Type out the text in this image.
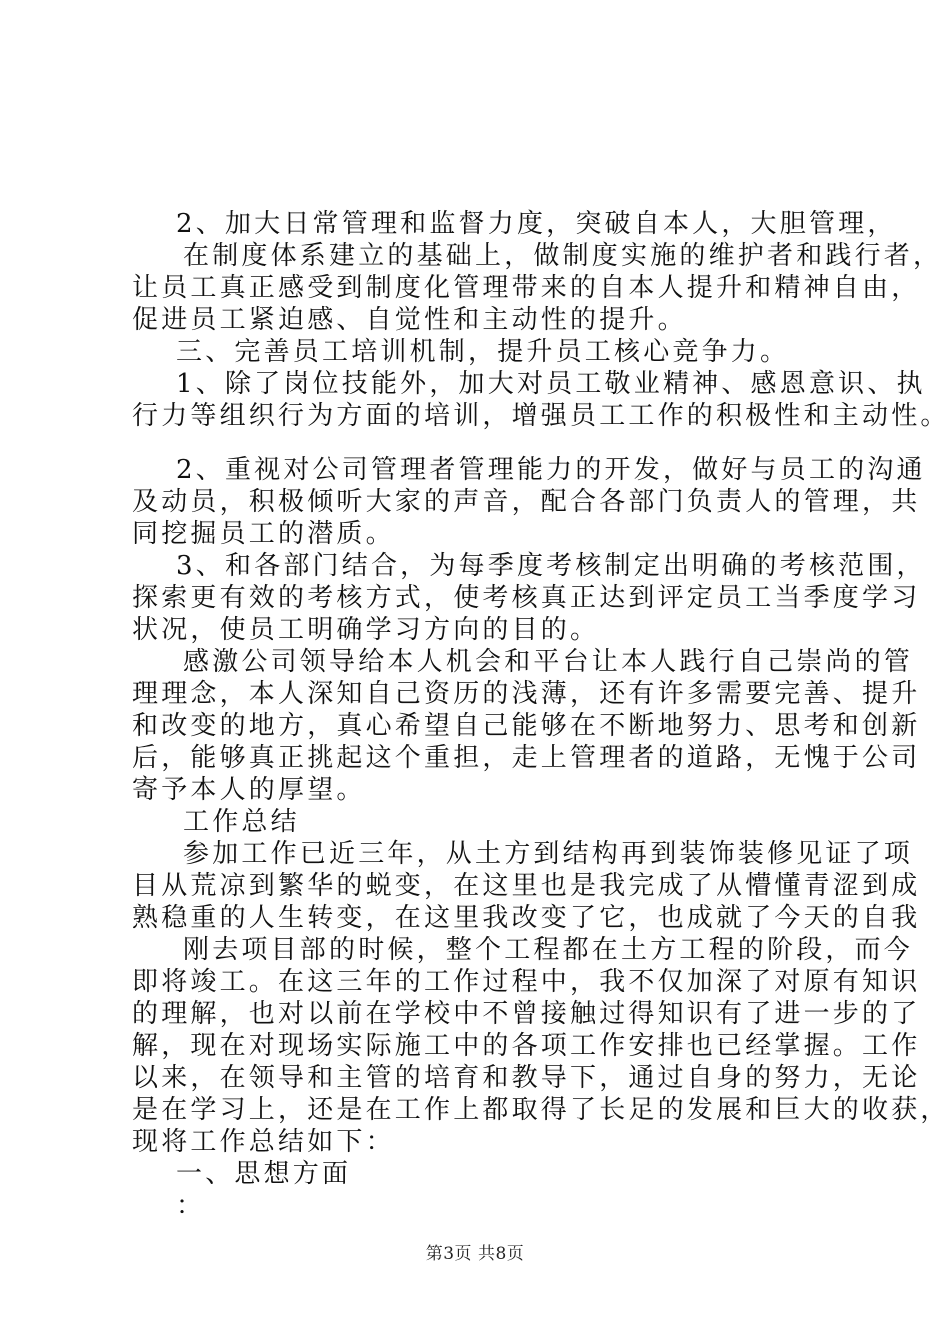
2、加大日常管理和监督力度，突破自本人，大胆管理，
在制度体系建立的基础上，做制度实施的维护者和践行者，
让员工真正感受到制度化管理带来的自本人提升和精神自由，
促进员工紧迫感、自觉性和主动性的提升。
三、完善员工培训机制，提升员工核心竞争力。
1、除了岗位技能外，加大对员工敬业精神、感恩意识、执
行力等组织行为方面的培训，增强员工工作的积极性和主动性。
2、重视对公司管理者管理能力的开发，做好与员工的沟通
及动员，积极倾听大家的声音，配合各部门负责人的管理，共
同挖掘员工的潜质。
3、和各部门结合，为每季度考核制定出明确的考核范围，
探索更有效的考核方式，使考核真正达到评定员工当季度学习
状况，使员工明确学习方向的目的。
感激公司领导给本人机会和平台让本人践行自己崇尚的管
理理念，本人深知自己资历的浅薄，还有许多需要完善、提升
和改变的地方，真心希望自己能够在不断地努力、思考和创新
后，能够真正挑起这个重担，走上管理者的道路，无愧于公司
寄予本人的厚望。
工作总结
参加工作已近三年，从土方到结构再到装饰装修见证了项
目从荒凉到繁华的蜕变，在这里也是我完成了从懵懂青涩到成
熟稳重的人生转变，在这里我改变了它，也成就了今天的自我
刚去项目部的时候，整个工程都在土方工程的阶段，而今
即将竣工。在这三年的工作过程中，我不仅加深了对原有知识
的理解，也对以前在学校中不曾接触过得知识有了进一步的了
解，现在对现场实际施工中的各项工作安排也已经掌握。工作
以来，在领导和主管的培育和教导下，通过自身的努力，无论
是在学习上，还是在工作上都取得了长足的发展和巨大的收获，
现将工作总结如下：
一、思想方面
：
第3页 共8页
